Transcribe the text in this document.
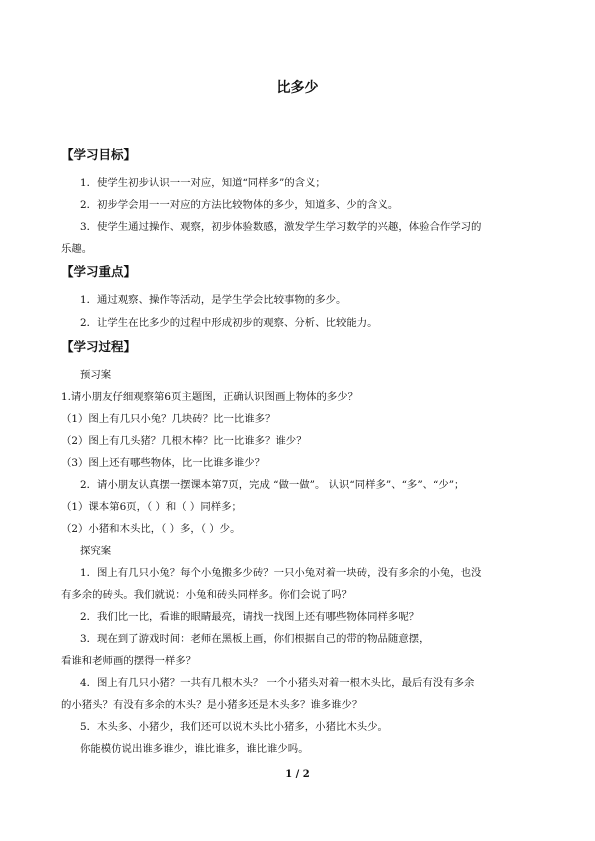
比多少
【学习目标】
1．使学生初步认识一一对应，知道“同样多”的含义；
2．初步学会用一一对应的方法比较物体的多少，知道多、少的含义。
3．使学生通过操作、观察，初步体验数感，激发学生学习数学的兴趣，体验合作学习的
乐趣。
【学习重点】
1．通过观察、操作等活动，是学生学会比较事物的多少。
2．让学生在比多少的过程中形成初步的观察、分析、比较能力。
【学习过程】
预习案
1.请小朋友仔细观察第6页主题图，正确认识图画上物体的多少？
（1）图上有几只小兔？几块砖？比一比谁多？
（2）图上有几头猪？几根木棒？比一比谁多？谁少？
（3）图上还有哪些物体，比一比谁多谁少？
2．请小朋友认真摆一摆课本第7页，完成 “做一做”。 认识“同样多”、“多”、“少”；
（1）课本第6页，（ ）和（ ）同样多；
（2）小猪和木头比，（ ）多，（ ）少。
探究案
1．图上有几只小兔？每个小兔搬多少砖？一只小兔对着一块砖，没有多余的小兔，也没
有多余的砖头。我们就说：小兔和砖头同样多。你们会说了吗？
2．我们比一比，看谁的眼睛最亮，请找一找图上还有哪些物体同样多呢？
3．现在到了游戏时间：老师在黑板上画，你们根据自己的带的物品随意摆，
看谁和老师画的摆得一样多？
4．图上有几只小猪？一共有几根木头？ 一个小猪头对着一根木头比，最后有没有多余
的小猪头？有没有多余的木头？是小猪多还是木头多？谁多谁少？
5．木头多、小猪少，我们还可以说木头比小猪多，小猪比木头少。
你能模仿说出谁多谁少，谁比谁多，谁比谁少吗。
1 / 2
